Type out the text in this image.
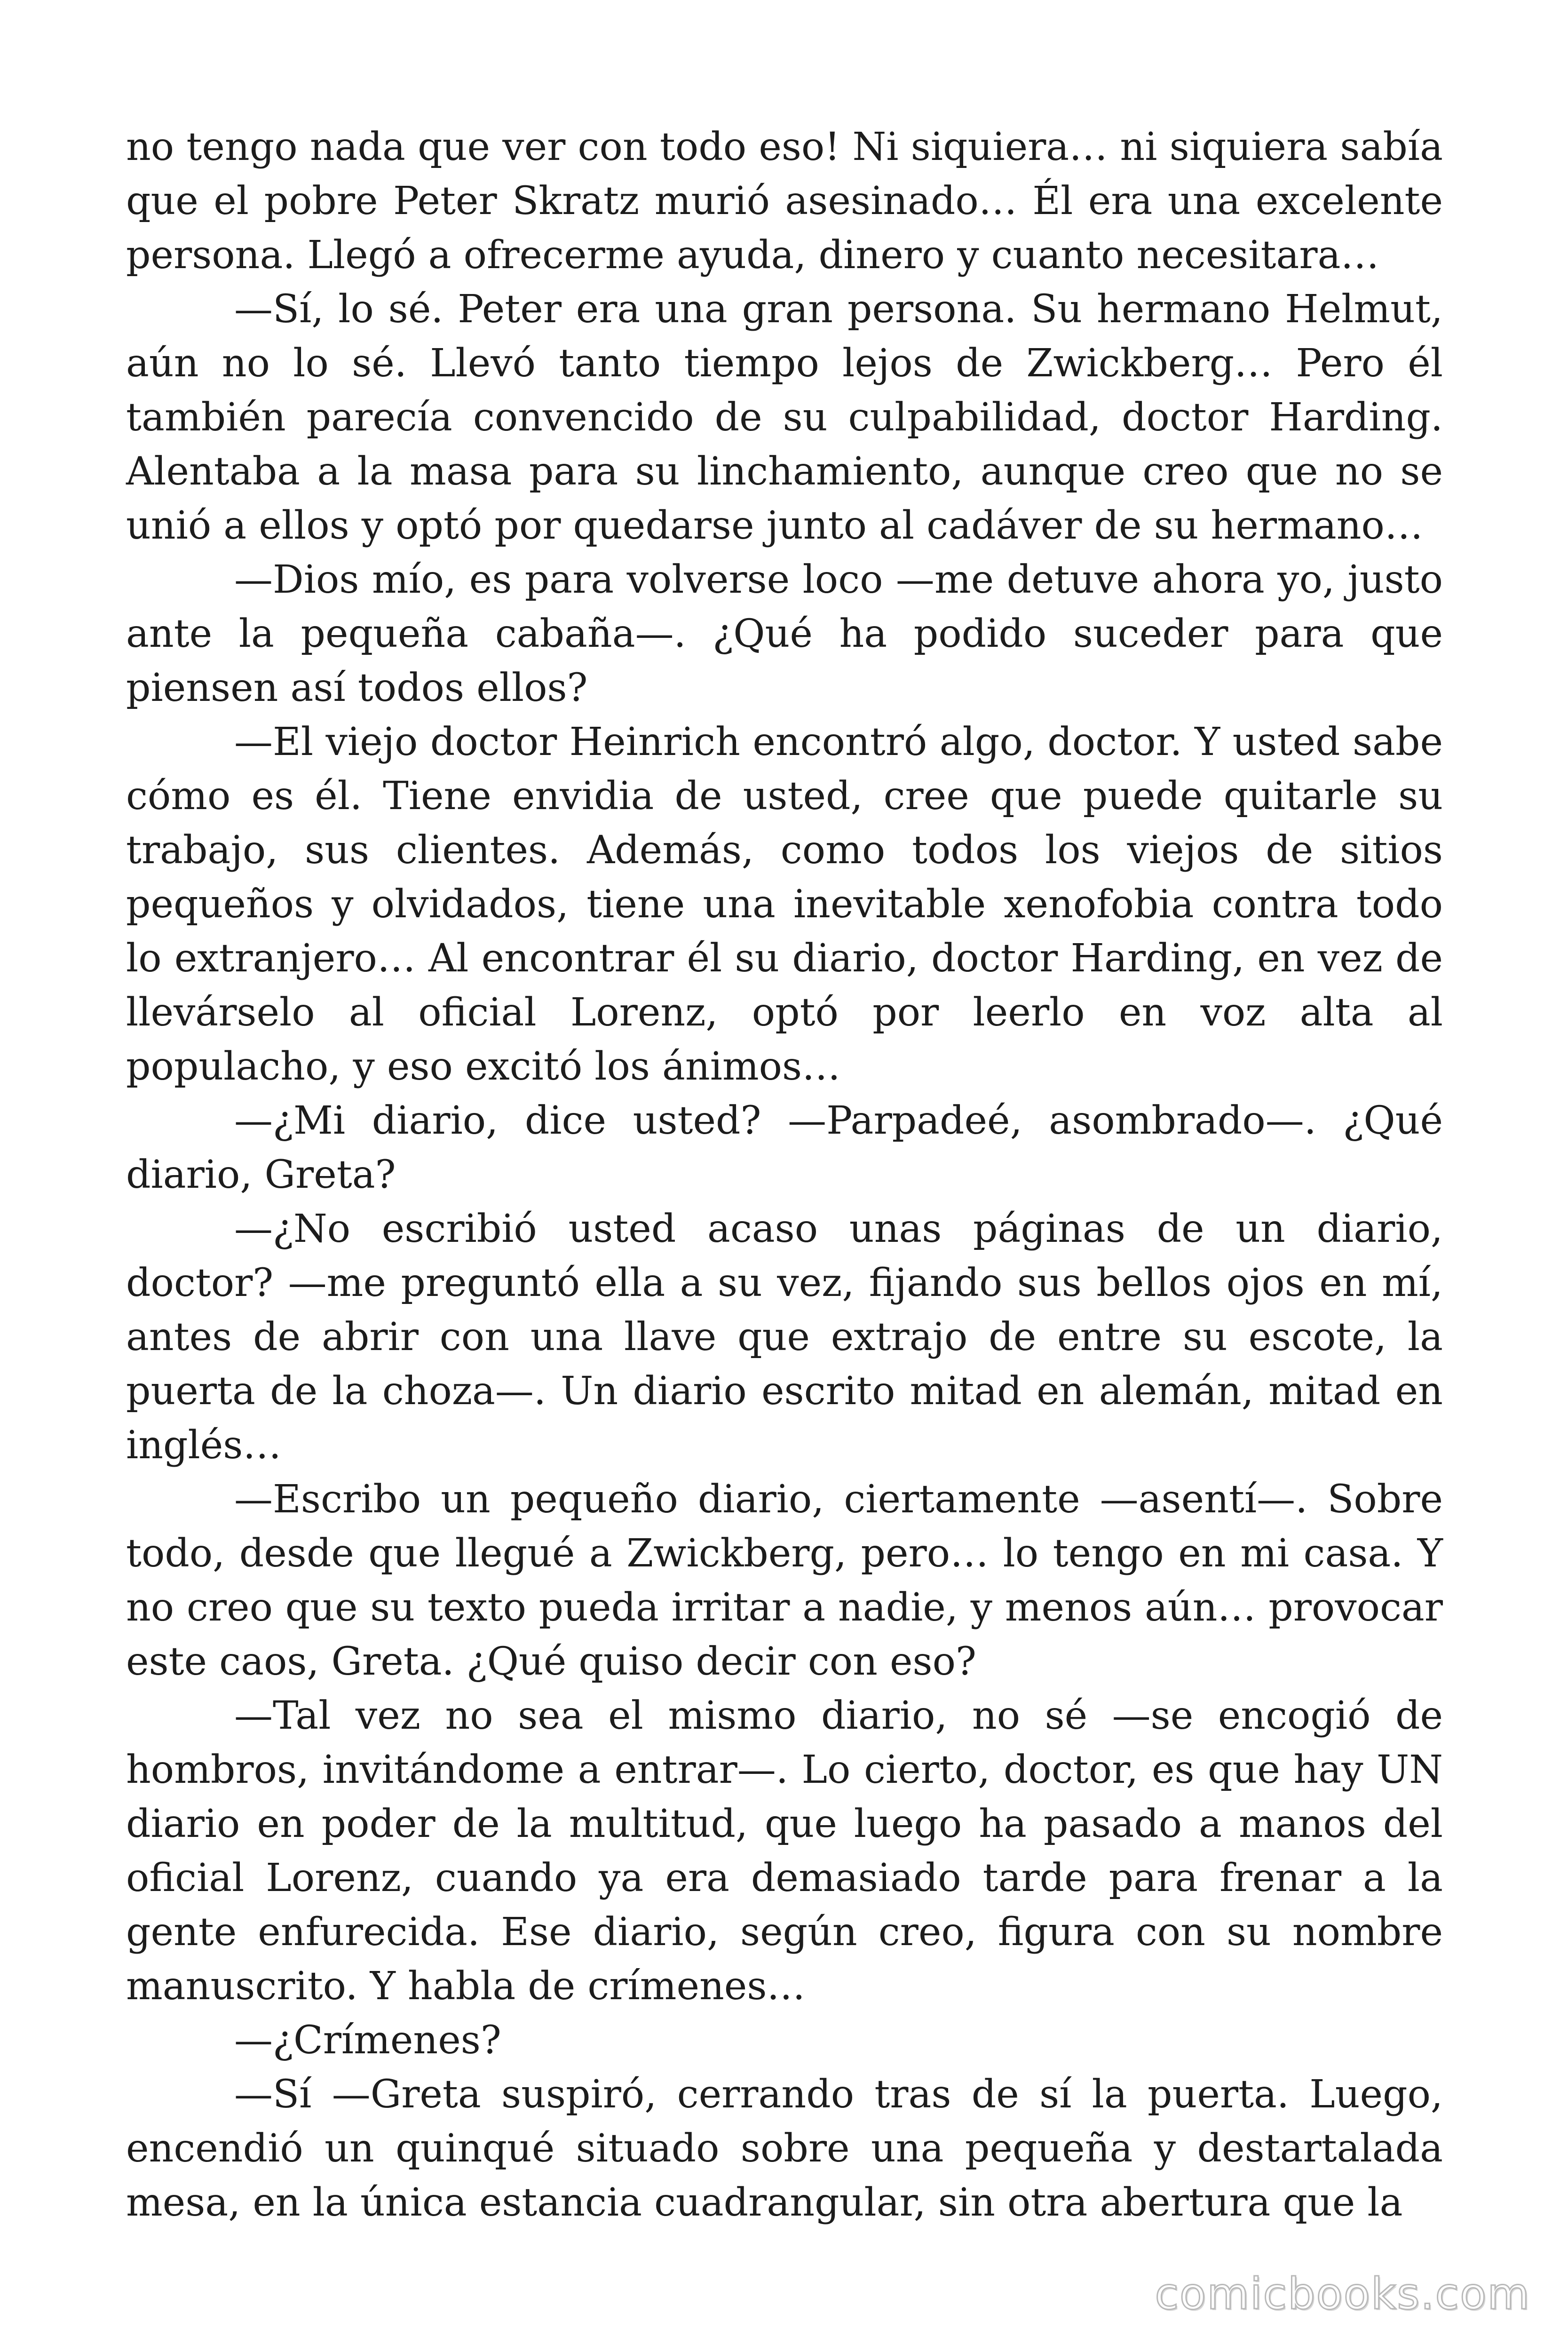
no tengo nada que ver con todo eso! Ni siquiera… ni siquiera sabía que el pobre Peter Skratz murió asesinado… Él era una excelente persona. Llegó a ofrecerme ayuda, dinero y cuanto necesitara…

—Sí, lo sé. Peter era una gran persona. Su hermano Helmut, aún no lo sé. Llevó tanto tiempo lejos de Zwickberg… Pero él también parecía convencido de su culpabilidad, doctor Harding. Alentaba a la masa para su linchamiento, aunque creo que no se unió a ellos y optó por quedarse junto al cadáver de su hermano…

—Dios mío, es para volverse loco —me detuve ahora yo, justo ante la pequeña cabaña—. ¿Qué ha podido suceder para que piensen así todos ellos?

—El viejo doctor Heinrich encontró algo, doctor. Y usted sabe cómo es él. Tiene envidia de usted, cree que puede quitarle su trabajo, sus clientes. Además, como todos los viejos de sitios pequeños y olvidados, tiene una inevitable xenofobia contra todo lo extranjero… Al encontrar él su diario, doctor Harding, en vez de llevárselo al oficial Lorenz, optó por leerlo en voz alta al populacho, y eso excitó los ánimos…

—¿Mi diario, dice usted? —Parpadeé, asombrado—. ¿Qué diario, Greta?

—¿No escribió usted acaso unas páginas de un diario, doctor? —me preguntó ella a su vez, fijando sus bellos ojos en mí, antes de abrir con una llave que extrajo de entre su escote, la puerta de la choza—. Un diario escrito mitad en alemán, mitad en inglés…

—Escribo un pequeño diario, ciertamente —asentí—. Sobre todo, desde que llegué a Zwickberg, pero… lo tengo en mi casa. Y no creo que su texto pueda irritar a nadie, y menos aún… provocar este caos, Greta. ¿Qué quiso decir con eso?

—Tal vez no sea el mismo diario, no sé —se encogió de hombros, invitándome a entrar—. Lo cierto, doctor, es que hay UN diario en poder de la multitud, que luego ha pasado a manos del oficial Lorenz, cuando ya era demasiado tarde para frenar a la gente enfurecida. Ese diario, según creo, figura con su nombre manuscrito. Y habla de crímenes…

—¿Crímenes?

—Sí —Greta suspiró, cerrando tras de sí la puerta. Luego, encendió un quinqué situado sobre una pequeña y destartalada mesa, en la única estancia cuadrangular, sin otra abertura que la

comicbooks.com
